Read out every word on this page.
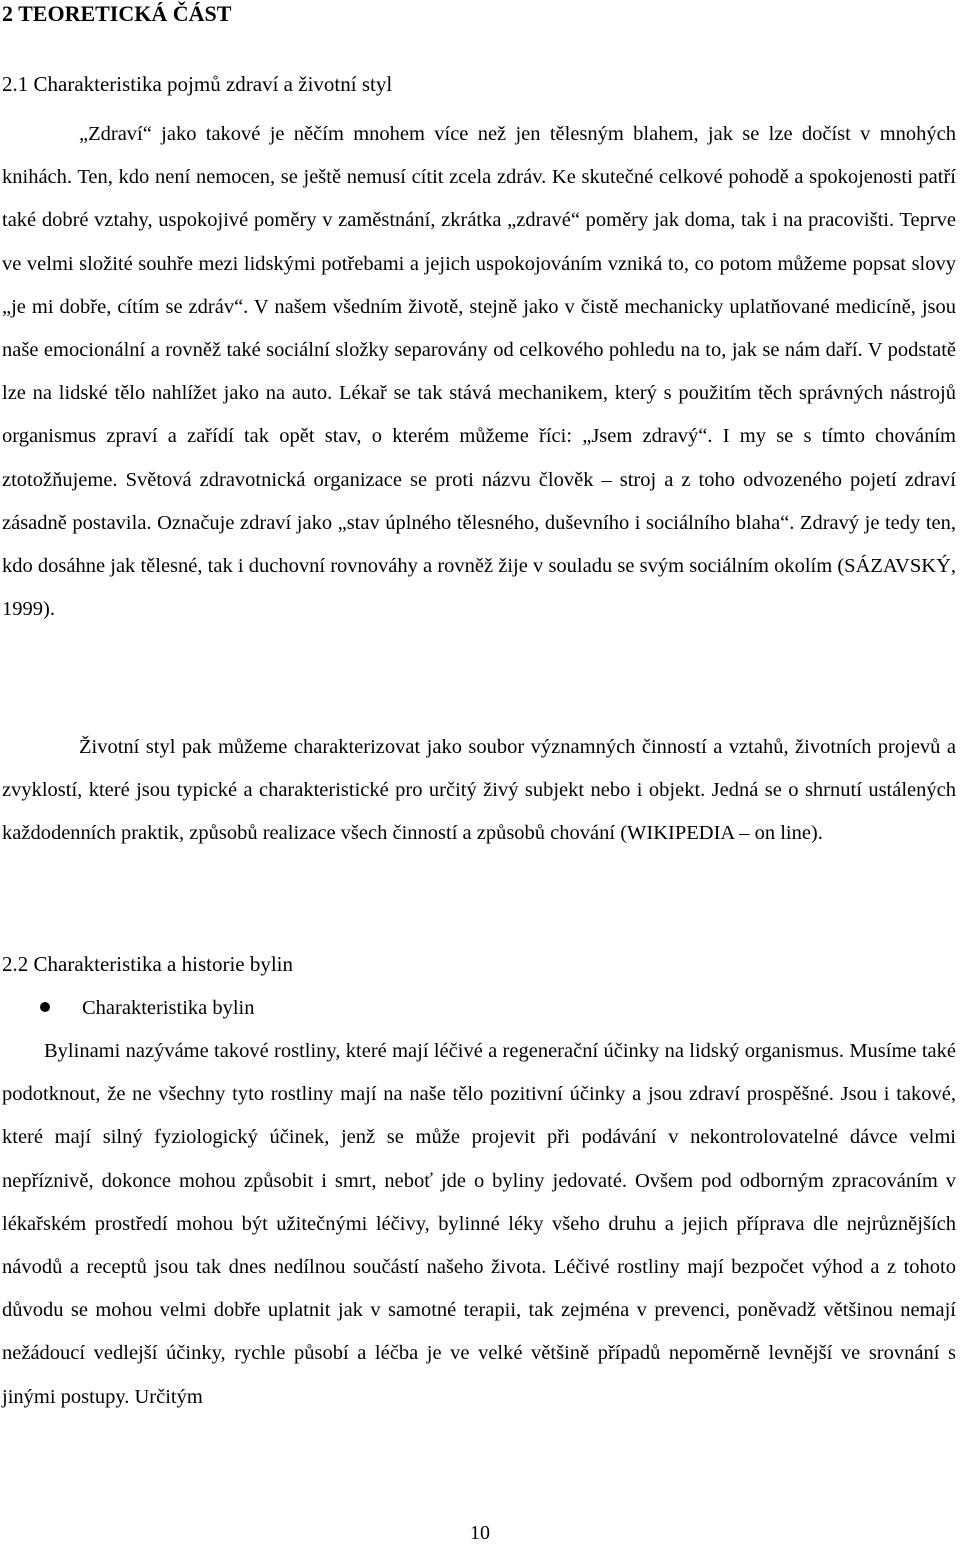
2 TEORETICKÁ ČÁST
2.1 Charakteristika pojmů zdraví a životní styl

„Zdraví“ jako takové je něčím mnohem více než jen tělesným blahem, jak se lze dočíst v mnohých knihách. Ten, kdo není nemocen, se ještě nemusí cítit zcela zdráv. Ke skutečné celkové pohodě a spokojenosti patří také dobré vztahy, uspokojivé poměry v zaměstnání, zkrátka „zdravé“ poměry jak doma, tak i na pracovišti. Teprve ve velmi složité souhře mezi lidskými potřebami a jejich uspokojováním vzniká to, co potom můžeme popsat slovy „je mi dobře, cítím se zdráv“. V našem všedním životě, stejně jako v čistě mechanicky uplatňované medicíně, jsou naše emocionální a rovněž také sociální složky separovány od celkového pohledu na to, jak se nám daří. V podstatě lze na lidské tělo nahlížet jako na auto. Lékař se tak stává mechanikem, který s použitím těch správných nástrojů organismus zpraví a zařídí tak opět stav, o kterém můžeme říci: „Jsem zdravý“. I my se s tímto chováním ztotožňujeme. Světová zdravotnická organizace se proti názvu člověk – stroj a z toho odvozeného pojetí zdraví zásadně postavila. Označuje zdraví jako „stav úplného tělesného, duševního i sociálního blaha“. Zdravý je tedy ten, kdo dosáhne jak tělesné, tak i duchovní rovnováhy a rovněž žije v souladu se svým sociálním okolím (SÁZAVSKÝ, 1999).

Životní styl pak můžeme charakterizovat jako soubor významných činností a vztahů, životních projevů a zvyklostí, které jsou typické a charakteristické pro určitý živý subjekt nebo i objekt. Jedná se o shrnutí ustálených každodenních praktik, způsobů realizace všech činností a způsobů chování (WIKIPEDIA – on line).

2.2 Charakteristika a historie bylin
Charakteristika bylin

Bylinami nazýváme takové rostliny, které mají léčivé a regenerační účinky na lidský organismus. Musíme také podotknout, že ne všechny tyto rostliny mají na naše tělo pozitivní účinky a jsou zdraví prospěšné. Jsou i takové, které mají silný fyziologický účinek, jenž se může projevit při podávání v nekontrolovatelné dávce velmi nepříznivě, dokonce mohou způsobit i smrt, neboť jde o byliny jedovaté. Ovšem pod odborným zpracováním v lékařském prostředí mohou být užitečnými léčivy, bylinné léky všeho druhu a jejich příprava dle nejrůznějších návodů a receptů jsou tak dnes nedílnou součástí našeho života. Léčivé rostliny mají bezpočet výhod a z tohoto důvodu se mohou velmi dobře uplatnit jak v samotné terapii, tak zejména v prevenci, poněvadž většinou nemají nežádoucí vedlejší účinky, rychle působí a léčba je ve velké většině případů nepoměrně levnější ve srovnání s jinými postupy. Určitým

10
